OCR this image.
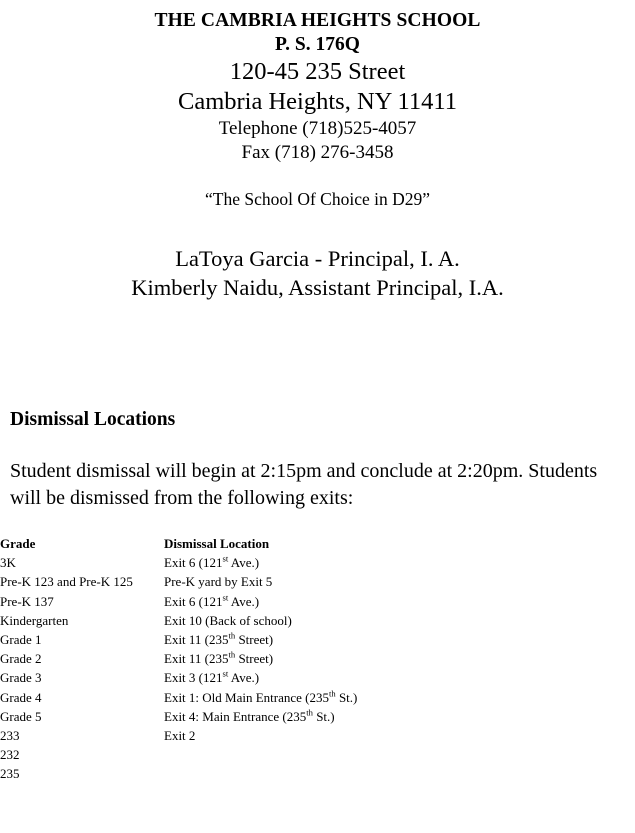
THE CAMBRIA HEIGHTS SCHOOL
P. S. 176Q
120-45 235 Street
Cambria Heights, NY 11411
Telephone (718)525-4057
Fax (718) 276-3458
“The School Of Choice in D29”
LaToya Garcia - Principal, I. A.
Kimberly Naidu, Assistant Principal, I.A.
Dismissal Locations
Student dismissal will begin at 2:15pm and conclude at 2:20pm. Students will be dismissed from the following exits:
Grade	Dismissal Location
3K	Exit 6 (121st Ave.)
Pre-K 123 and Pre-K 125	Pre-K yard by Exit 5
Pre-K 137	Exit 6 (121st Ave.)
Kindergarten	Exit 10 (Back of school)
Grade 1	Exit 11 (235th Street)
Grade 2	Exit 11 (235th Street)
Grade 3	Exit 3 (121st Ave.)
Grade 4	Exit 1: Old Main Entrance (235th St.)
Grade 5	Exit 4: Main Entrance (235th St.)
233	Exit 2
232	
235	
